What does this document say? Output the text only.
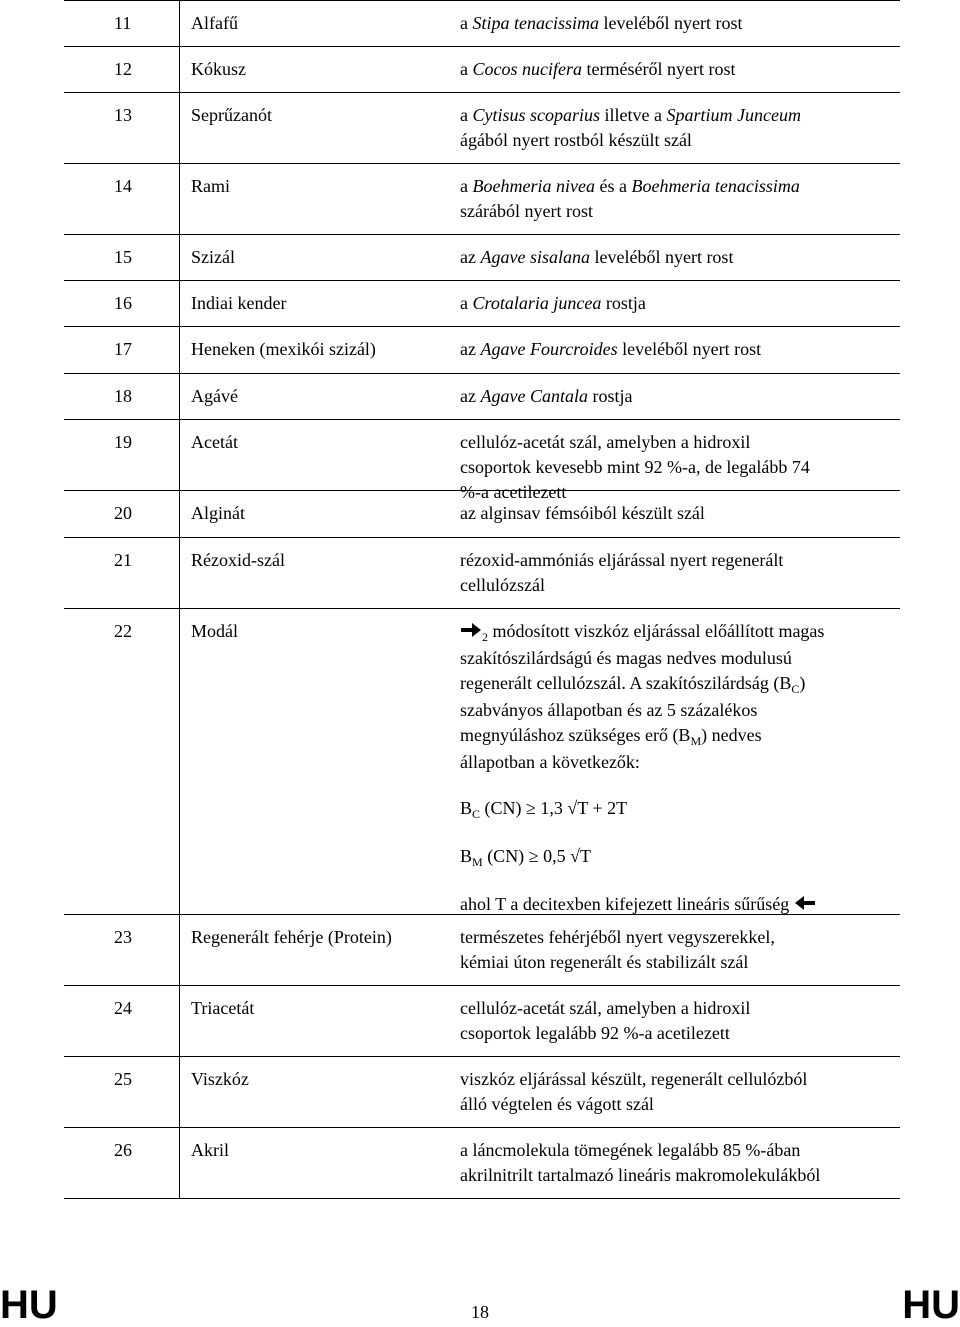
11	Alfafű	a Stipa tenacissima leveléből nyert rost
12	Kókusz	a Cocos nucifera terméséről nyert rost
13	Seprűzanót	a Cytisus scoparius illetve a Spartium Junceum
ágából nyert rostból készült szál
14	Rami	a Boehmeria nivea és a Boehmeria tenacissima
szárából nyert rost
15	Szizál	az Agave sisalana leveléből nyert rost
16	Indiai kender	a Crotalaria juncea rostja
17	Heneken (mexikói szizál)	az Agave Fourcroides leveléből nyert rost
18	Agávé	az Agave Cantala rostja
19	Acetát	cellulóz-acetát szál, amelyben a hidroxil
csoportok kevesebb mint 92 %-a, de legalább 74
%-a acetilezett
20	Alginát	az alginsav fémsóiból készült szál
21	Rézoxid-szál	rézoxid-ammóniás eljárással nyert regenerált
cellulózszál
22	Modál	$_2$ módosított viszkóz eljárással előállított magas
szakítószilárdságú és magas nedves modulusú
regenerált cellulózszál. A szakítószilárdság $(B_C)$
szabványos állapotban és az 5 százalékos
megnyúláshoz szükséges erő $(B_M)$ nedves
állapotban a következők:
$B_C$ (CN) ≥ 1,3 √T + 2T
$B_M$ (CN) ≥ 0,5 √T
ahol T a decitexben kifejezett lineáris sűrűség
23	Regenerált fehérje (Protein)	természetes fehérjéből nyert vegyszerekkel,
kémiai úton regenerált és stabilizált szál
24	Triacetát	cellulóz-acetát szál, amelyben a hidroxil
csoportok legalább 92 %-a acetilezett
25	Viszkóz	viszkóz eljárással készült, regenerált cellulózból
álló végtelen és vágott szál
26	Akril	a láncmolekula tömegének legalább 85 %-ában
akrilnitrilt tartalmazó lineáris makromolekulákból
HU	18	HU
